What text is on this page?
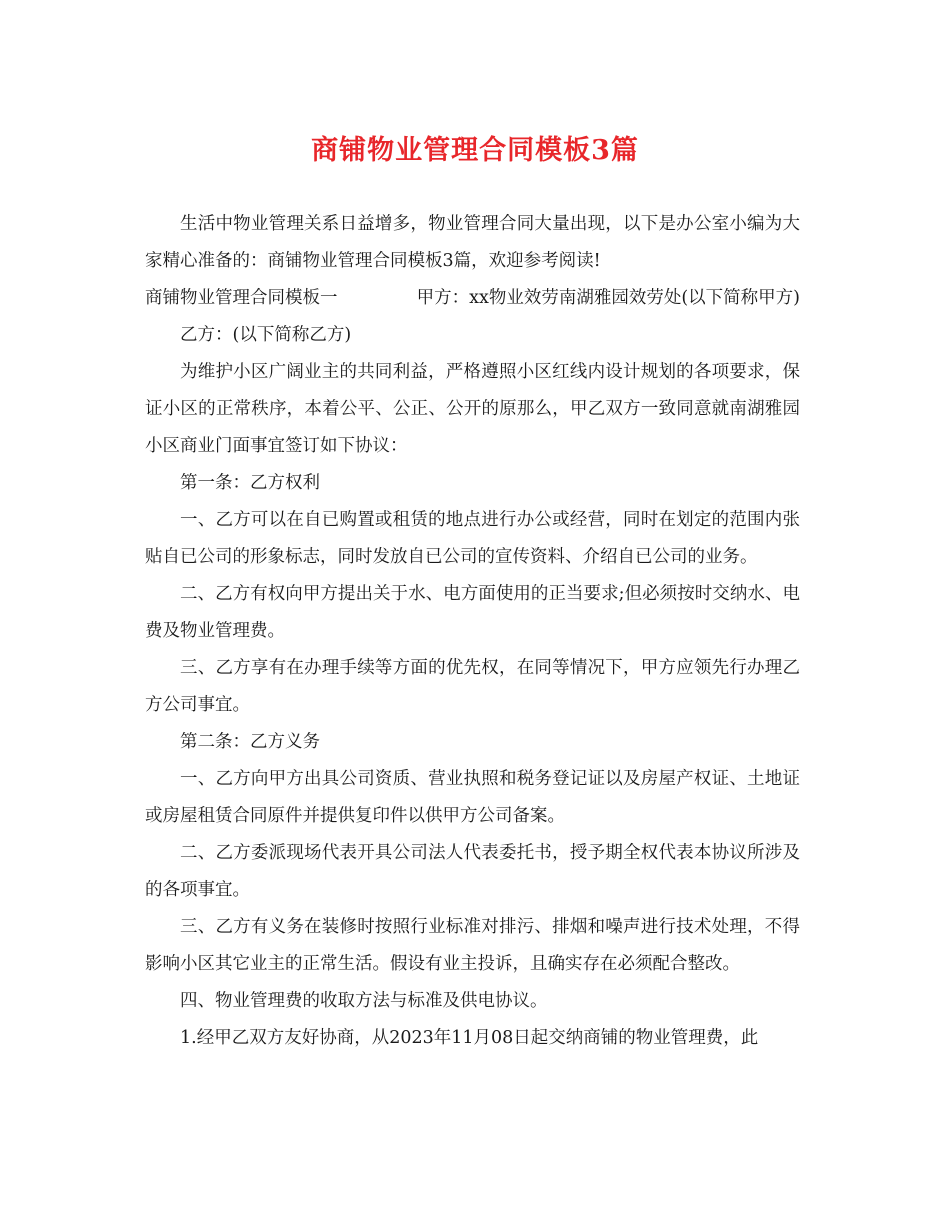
商铺物业管理合同模板3篇

生活中物业管理关系日益增多，物业管理合同大量出现，以下是办公室小编为大家精心准备的：商铺物业管理合同模板3篇，欢迎参考阅读!

商铺物业管理合同模板一	甲方：xx物业效劳南湖雅园效劳处(以下简称甲方)

乙方：(以下简称乙方)

为维护小区广阔业主的共同利益，严格遵照小区红线内设计规划的各项要求，保证小区的正常秩序，本着公平、公正、公开的原那么，甲乙双方一致同意就南湖雅园小区商业门面事宜签订如下协议：

第一条：乙方权利

一、乙方可以在自已购置或租赁的地点进行办公或经营，同时在划定的范围内张贴自已公司的形象标志，同时发放自已公司的宣传资料、介绍自已公司的业务。

二、乙方有权向甲方提出关于水、电方面使用的正当要求;但必须按时交纳水、电费及物业管理费。

三、乙方享有在办理手续等方面的优先权，在同等情况下，甲方应领先行办理乙方公司事宜。

第二条：乙方义务

一、乙方向甲方出具公司资质、营业执照和税务登记证以及房屋产权证、土地证或房屋租赁合同原件并提供复印件以供甲方公司备案。

二、乙方委派现场代表开具公司法人代表委托书，授予期全权代表本协议所涉及的各项事宜。

三、乙方有义务在装修时按照行业标准对排污、排烟和噪声进行技术处理，不得影响小区其它业主的正常生活。假设有业主投诉，且确实存在必须配合整改。

四、物业管理费的收取方法与标准及供电协议。

1.经甲乙双方友好协商，从2023年11月08日起交纳商铺的物业管理费，此
